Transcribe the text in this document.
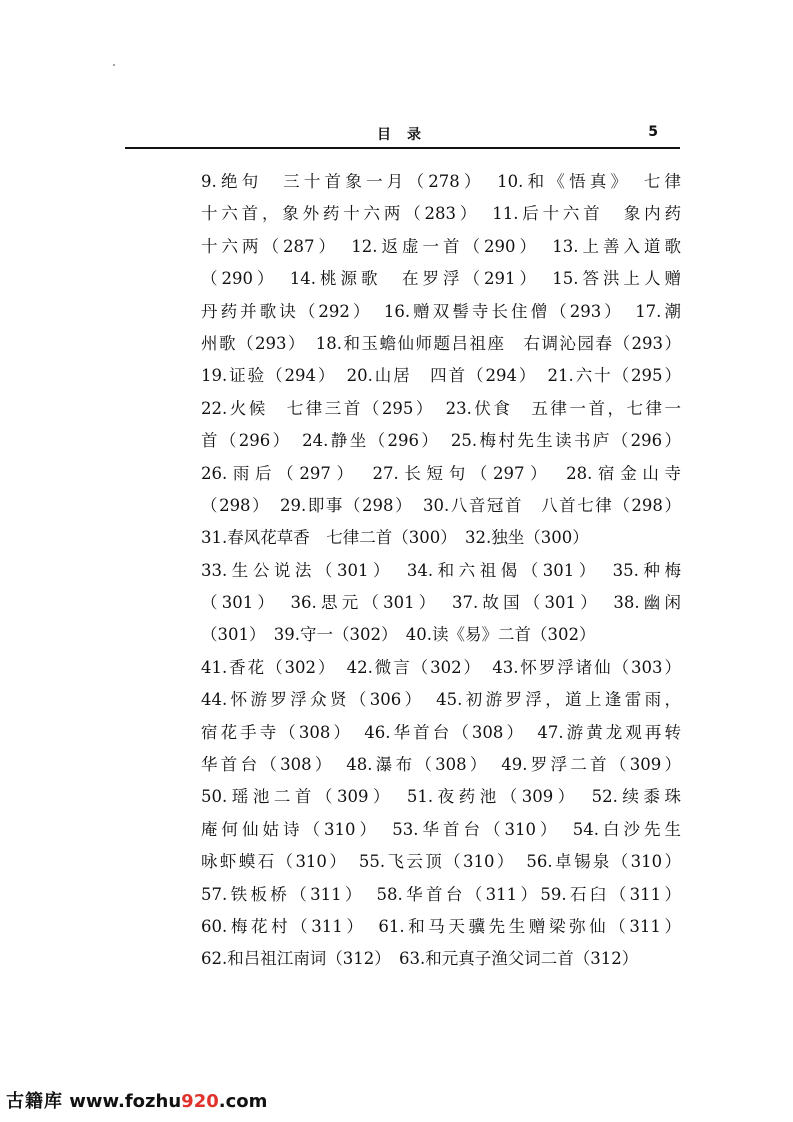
目录	5
9.绝句　三十首象一月（278）　10.和《悟真》　七律
十六首，象外药十六两（283）　11.后十六首　象内药
十六两（287）　12.返虚一首（290）　13.上善入道歌
（290）　14.桃源歌　在罗浮（291）　15.答洪上人赠
丹药并歌诀（292）　16.赠双髻寺长住僧（293）　17.潮
州歌（293）　18.和玉蟾仙师题吕祖座　右调沁园春（293）
19.证验（294）　20.山居　四首（294）　21.六十（295）
22.火候　七律三首（295）　23.伏食　五律一首，七律一
首（296）　24.静坐（296）　25.梅村先生读书庐（296）
26.雨后（297）　27.长短句（297）　28.宿金山寺
（298）　29.即事（298）　30.八音冠首　八首七律（298）
31.春风花草香　七律二首（300）　32.独坐（300）
33.生公说法（301）　34.和六祖偈（301）　35.种梅
（301）　36.思元（301）　37.故国（301）　38.幽闲
（301）　39.守一（302）　40.读《易》二首（302）
41.香花（302）　42.微言（302）　43.怀罗浮诸仙（303）
44.怀游罗浮众贤（306）　45.初游罗浮，道上逢雷雨，
宿花手寺（308）　46.华首台（308）　47.游黄龙观再转
华首台（308）　48.瀑布（308）　49.罗浮二首（309）
50.瑶池二首（309）　51.夜药池（309）　52.续黍珠
庵何仙姑诗（310）　53.华首台（310）　54.白沙先生
咏虾蟆石（310）　55.飞云顶（310）　56.卓锡泉（310）
57.铁板桥（311）　58.华首台（311）59.石臼（311）
60.梅花村（311）　61.和马天骥先生赠梁弥仙（311）
62.和吕祖江南词（312）　63.和元真子渔父词二首（312）
古籍库 www.fozhu920.com
